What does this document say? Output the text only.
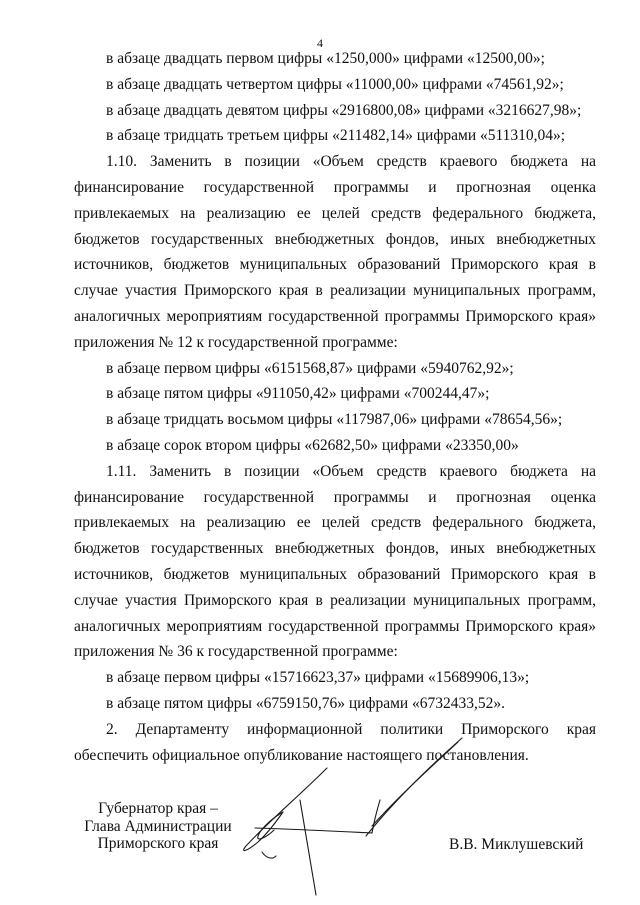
4

в абзаце двадцать первом цифры «1250,000» цифрами «12500,00»;

в абзаце двадцать четвертом цифры «11000,00» цифрами «74561,92»;

в абзаце двадцать девятом цифры «2916800,08» цифрами «3216627,98»;

в абзаце тридцать третьем цифры «211482,14» цифрами «511310,04»;

1.10. Заменить в позиции «Объем средств краевого бюджета на финансирование государственной программы и прогнозная оценка привлекаемых на реализацию ее целей средств федерального бюджета, бюджетов государственных внебюджетных фондов, иных внебюджетных источников, бюджетов муниципальных образований Приморского края в случае участия Приморского края в реализации муниципальных программ, аналогичных мероприятиям государственной программы Приморского края» приложения № 12 к государственной программе:

в абзаце первом цифры «6151568,87» цифрами «5940762,92»;

в абзаце пятом цифры «911050,42» цифрами «700244,47»;

в абзаце тридцать восьмом цифры «117987,06» цифрами «78654,56»;

в абзаце сорок втором цифры «62682,50» цифрами «23350,00»

1.11. Заменить в позиции «Объем средств краевого бюджета на финансирование государственной программы и прогнозная оценка привлекаемых на реализацию ее целей средств федерального бюджета, бюджетов государственных внебюджетных фондов, иных внебюджетных источников, бюджетов муниципальных образований Приморского края в случае участия Приморского края в реализации муниципальных программ, аналогичных мероприятиям государственной программы Приморского края» приложения № 36 к государственной программе:

в абзаце первом цифры «15716623,37» цифрами «15689906,13»;

в абзаце пятом цифры «6759150,76» цифрами «6732433,52».

2. Департаменту информационной политики Приморского края обеспечить официальное опубликование настоящего постановления.

Губернатор края –
Глава Администрации
Приморского края	В.В. Миклушевский
